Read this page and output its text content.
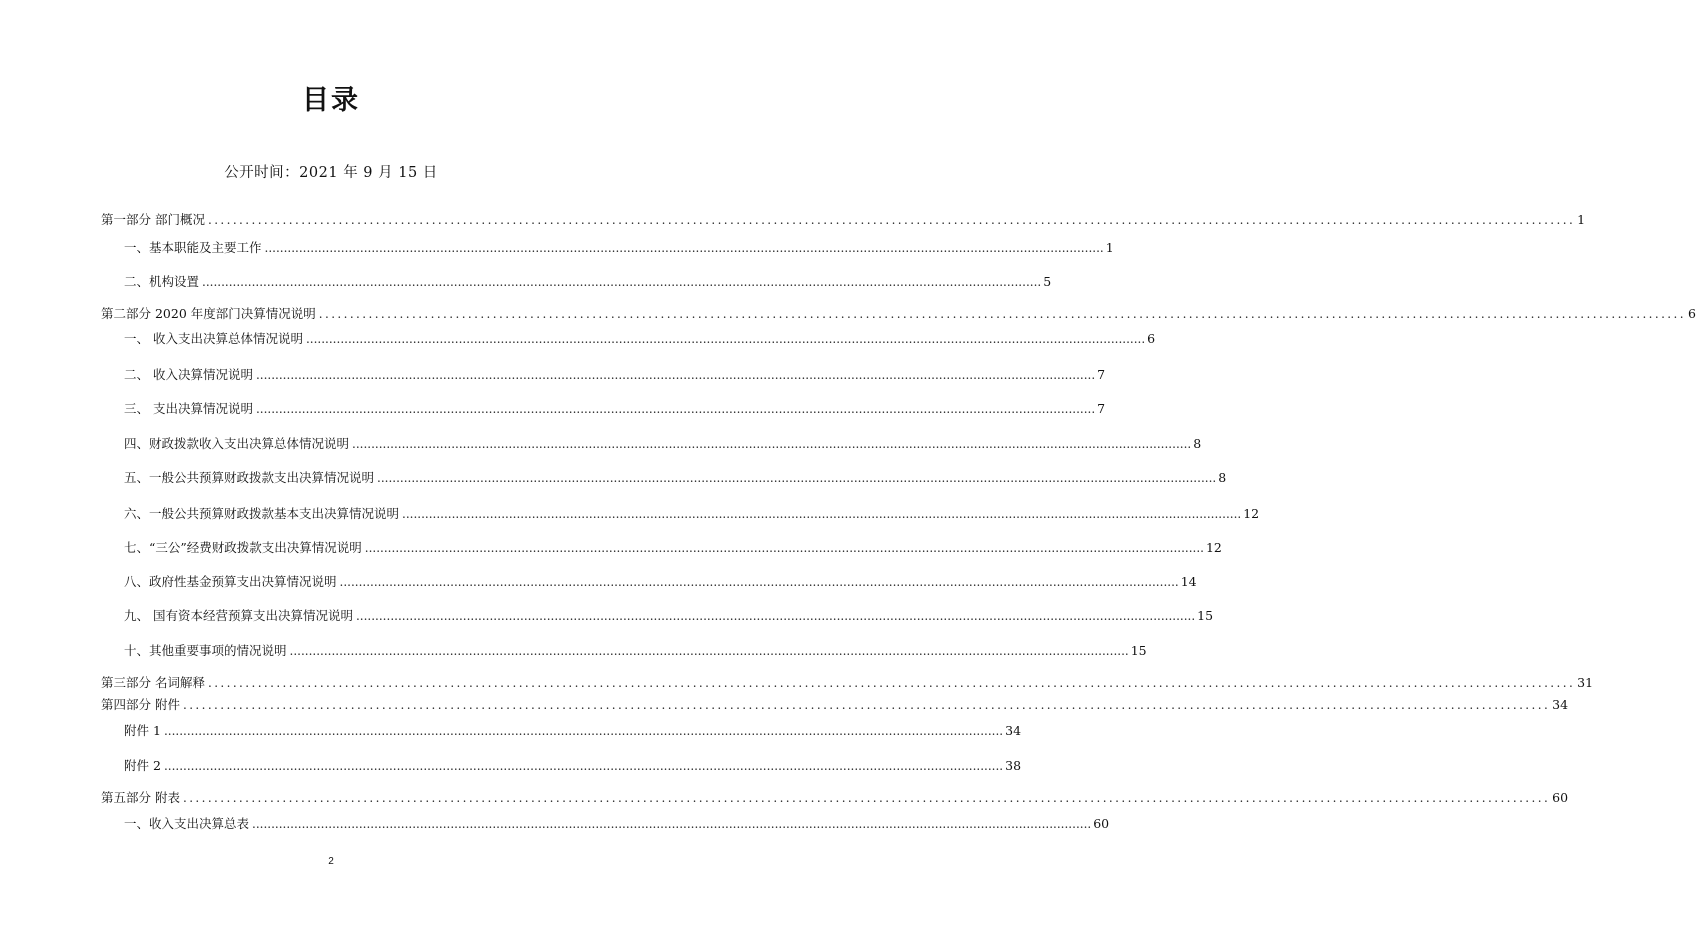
目录
公开时间：2021 年 9 月 15 日
第一部分 部门概况 ............................................................................................................................................................................................................................ 1
一、基本职能及主要工作 ............................................................................................................................................................................................................................ 1
二、机构设置 ............................................................................................................................................................................................................................ 5
第二部分 2020 年度部门决算情况说明 ............................................................................................................................................................................................................................ 6
一、 收入支出决算总体情况说明 ............................................................................................................................................................................................................................ 6
二、 收入决算情况说明 ............................................................................................................................................................................................................................ 7
三、 支出决算情况说明 ............................................................................................................................................................................................................................ 7
四、财政拨款收入支出决算总体情况说明 ............................................................................................................................................................................................................................ 8
五、一般公共预算财政拨款支出决算情况说明 ............................................................................................................................................................................................................................ 8
六、一般公共预算财政拨款基本支出决算情况说明 ............................................................................................................................................................................................................................ 12
七、“三公”经费财政拨款支出决算情况说明 ............................................................................................................................................................................................................................ 12
八、政府性基金预算支出决算情况说明 ............................................................................................................................................................................................................................ 14
九、 国有资本经营预算支出决算情况说明 ............................................................................................................................................................................................................................ 15
十、其他重要事项的情况说明 ............................................................................................................................................................................................................................ 15
第三部分 名词解释 ............................................................................................................................................................................................................................ 31
第四部分 附件 ............................................................................................................................................................................................................................ 34
附件 1 ............................................................................................................................................................................................................................ 34
附件 2 ............................................................................................................................................................................................................................ 38
第五部分 附表 ............................................................................................................................................................................................................................ 60
一、收入支出决算总表 ............................................................................................................................................................................................................................ 60
2
